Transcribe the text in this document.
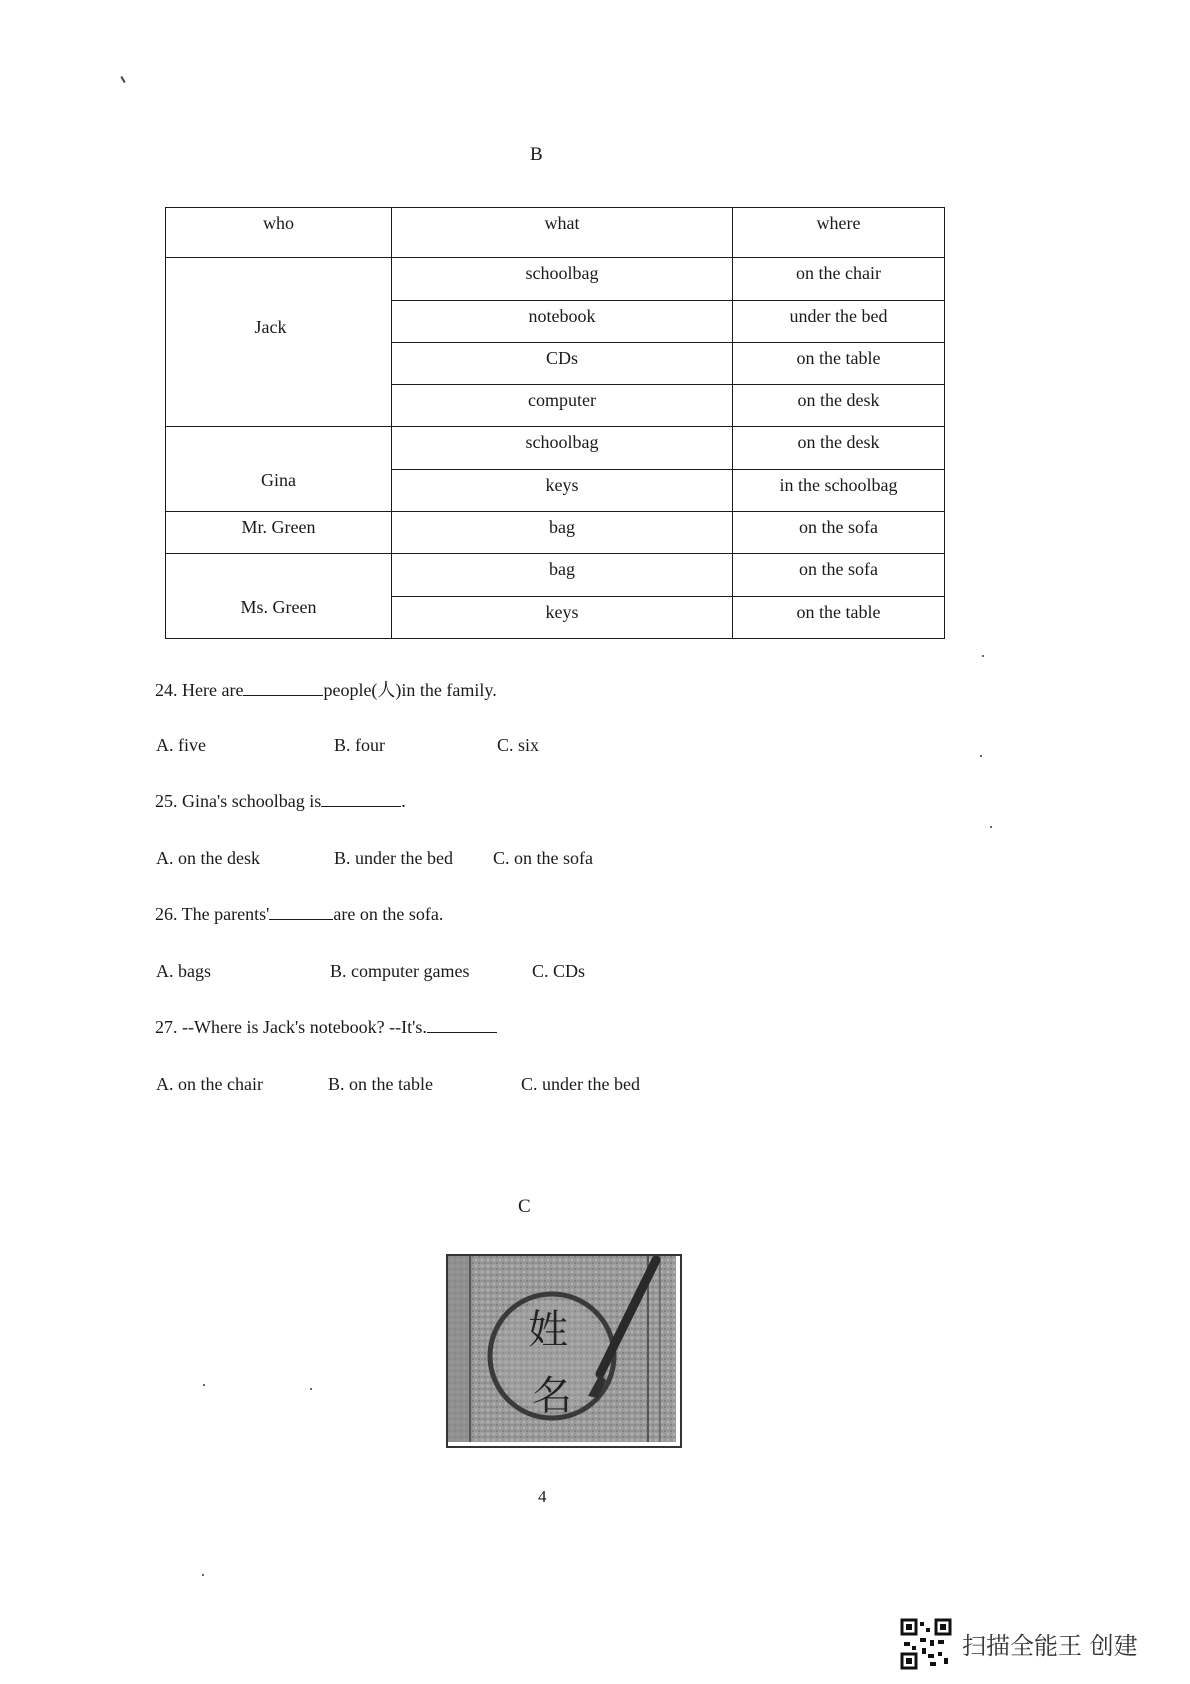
B
who	what	where
Jack	schoolbag	on the chair
	notebook	under the bed
	CDs	on the table
	computer	on the desk
Gina	schoolbag	on the desk
	keys	in the schoolbag
Mr. Green	bag	on the sofa
Ms. Green	bag	on the sofa
	keys	on the table
24. Here are	people(人)in the family.
A. five	B. four	C. six
25. Gina's schoolbag is	.
A. on the desk	B. under the bed C. on the sofa
26. The parents'	are on the sofa.
A. bags	B. computer games	C. CDs
27. --Where is Jack's notebook? --It's.
A. on the chair	B. on the table	C. under the bed
C
姓
名
4
扫描全能王 创建
